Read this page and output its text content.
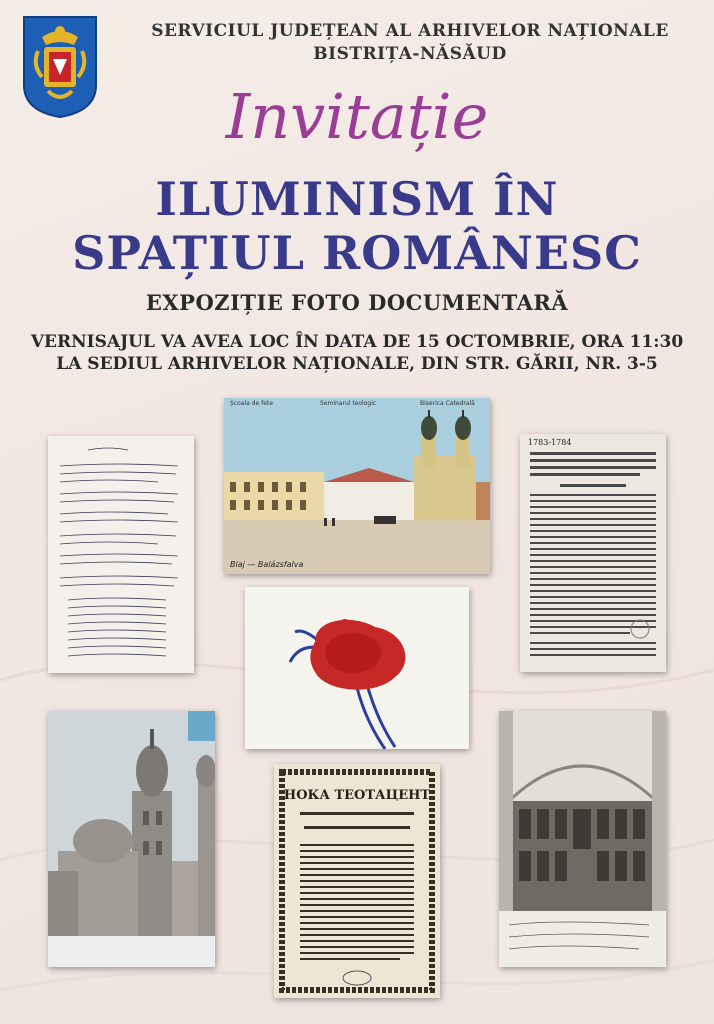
SERVICIUL JUDEȚEAN AL ARHIVELOR NAȚIONALE
BISTRIȚA-NĂSĂUD
Invitație
ILUMINISM ÎN
SPAȚIUL ROMÂNESC
EXPOZIȚIE FOTO DOCUMENTARĂ
VERNISAJUL VA AVEA LOC ÎN DATA DE 15 OCTOMBRIE, ORA 11:30
LA SEDIUL ARHIVELOR NAȚIONALE, DIN STR. GĂRII, NR. 3-5
Școala de fete	Seminarul teologic	Biserica Catedrală
Blaj — Balázsfalva
1783-1784
НОКА ТЕОТАЦЕНТ
